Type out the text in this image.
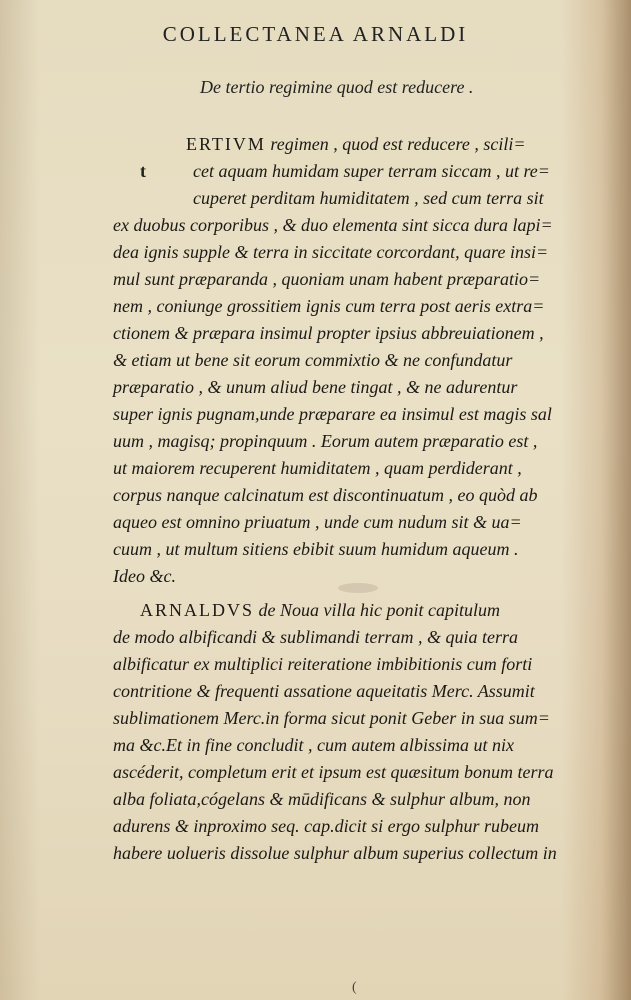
COLLECTANEA ARNALDI
De tertio regimine quod est reducere .
t
ERTIVM regimen , quod est reducere , scili=
cet aquam humidam super terram siccam , ut re=
cuperet perditam humiditatem , sed cum terra sit
ex duobus corporibus , & duo elementa sint sicca dura lapi=
dea ignis supple & terra in siccitate corcordant, quare insi=
mul sunt præparanda , quoniam unam habent præparatio=
nem , coniunge grossitiem ignis cum terra post aeris extra=
ctionem & præpara insimul propter ipsius abbreuiationem ,
& etiam ut bene sit eorum commixtio & ne confundatur
præparatio , & unum aliud bene tingat , & ne adurentur
super ignis pugnam,unde præparare ea insimul est magis sal
uum , magisq; propinquum . Eorum autem præparatio est ,
ut maiorem recuperent humiditatem , quam perdiderant ,
corpus nanque calcinatum est discontinuatum , eo quòd ab
aqueo est omnino priuatum , unde cum nudum sit & ua=
cuum , ut multum sitiens ebibit suum humidum aqueum .
Ideo &c.
ARNALDVS de Noua villa hic ponit capitulum
de modo albificandi & sublimandi terram , & quia terra
albificatur ex multiplici reiteratione imbibitionis cum forti
contritione & frequenti assatione aqueitatis Merc. Assumit
sublimationem Merc.in forma sicut ponit Geber in sua sum=
ma &c.Et in fine concludit , cum autem albissima ut nix
ascéderit, completum erit et ipsum est quæsitum bonum terra
alba foliata,cógelans & mūdificans & sulphur album, non
adurens & inproximo seq. cap.dicit si ergo sulphur rubeum
habere uolueris dissolue sulphur album superius collectum in
(
